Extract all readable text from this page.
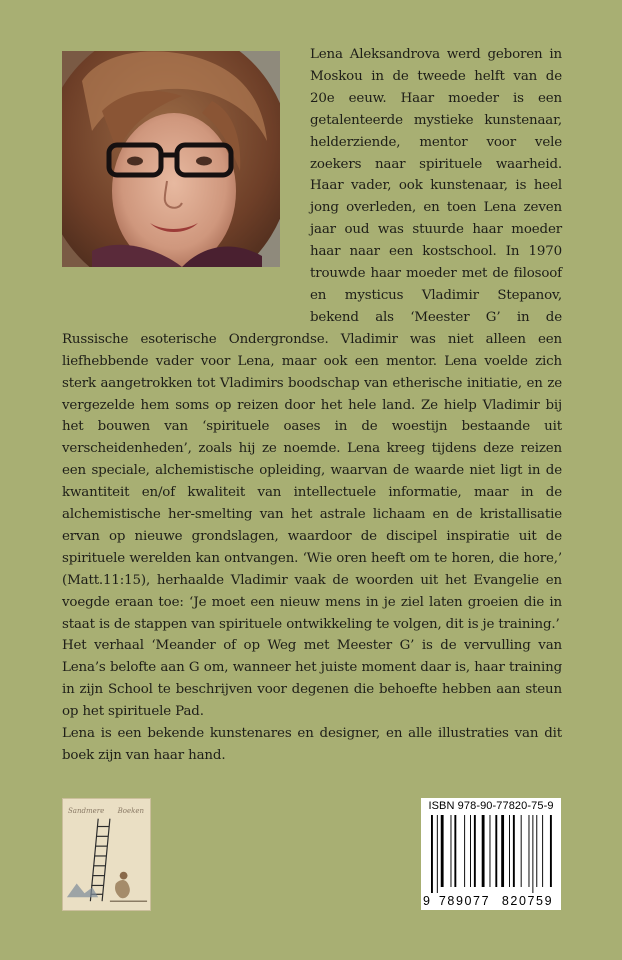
Lena Aleksandrova werd geboren in Moskou in de tweede helft van de 20e eeuw. Haar moeder is een getalenteerde mystieke kunstenaar, helderziende, mentor voor vele zoekers naar spirituele waarheid. Haar vader, ook kunstenaar, is heel jong overleden, en toen Lena zeven jaar oud was stuurde haar moeder haar naar een kostschool. In 1970 trouwde haar moeder met de filosoof en mysticus Vladimir Stepanov, bekend als ‘Meester G’ in de Russische esoterische Ondergrondse. Vladimir was niet alleen een liefhebbende vader voor Lena, maar ook een mentor. Lena voelde zich sterk aangetrokken tot Vladimirs boodschap van etherische initiatie, en ze vergezelde hem soms op reizen door het hele land. Ze hielp Vladimir bij het bouwen van ‘spirituele oases in de woestijn bestaande uit verscheidenheden’, zoals hij ze noemde. Lena kreeg tijdens deze reizen een speciale, alchemistische opleiding, waarvan de waarde niet ligt in de kwantiteit en/of kwaliteit van intellectuele informatie, maar in de alchemistische her-smelting van het astrale lichaam en de kristallisatie ervan op nieuwe grondslagen, waardoor de discipel inspiratie uit de spirituele werelden kan ontvangen. ‘Wie oren heeft om te horen, die hore,’ (Matt.11:15), herhaalde Vladimir vaak de woorden uit het Evangelie en voegde eraan toe: ‘Je moet een nieuw mens in je ziel laten groeien die in staat is de stappen van spirituele ontwikkeling te volgen, dit is je training.’

Het verhaal ‘Meander of op Weg met Meester G’ is de vervulling van Lena’s belofte aan G om, wanneer het juiste moment daar is, haar training in zijn School te beschrijven voor degenen die behoefte hebben aan steun op het spirituele Pad.

Lena is een bekende kunstenares en designer, en alle illustraties van dit boek zijn van haar hand.

Sandmere Boeken	ISBN 978-90-77820-75-9
9 789077 820759
